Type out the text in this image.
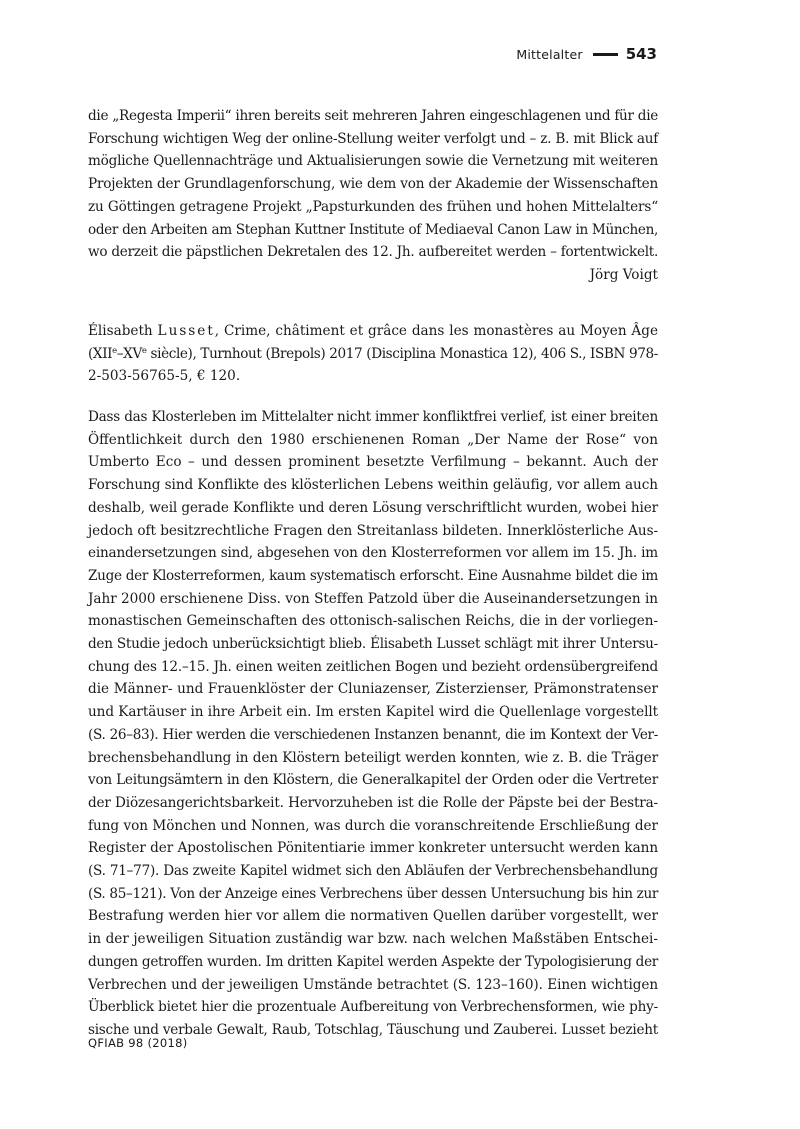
Mittelalter	543

die „Regesta Imperii“ ihren bereits seit mehreren Jahren eingeschlagenen und für die
Forschung wichtigen Weg der online-Stellung weiter verfolgt und – z. B. mit Blick auf
mögliche Quellennachträge und Aktualisierungen sowie die Vernetzung mit weiteren
Projekten der Grundlagenforschung, wie dem von der Akademie der Wissenschaften
zu Göttingen getragene Projekt „Papsturkunden des frühen und hohen Mittelalters“
oder den Arbeiten am Stephan Kuttner Institute of Mediaeval Canon Law in München,
wo derzeit die päpstlichen Dekretalen des 12. Jh. aufbereitet werden – fortentwickelt.
Jörg Voigt

Élisabeth Lusset, Crime, châtiment et grâce dans les monastères au Moyen Âge
(XIIe–XVe siècle), Turnhout (Brepols) 2017 (Disciplina Monastica 12), 406 S., ISBN 978-
2-503-56765-5, € 120.

Dass das Klosterleben im Mittelalter nicht immer konfliktfrei verlief, ist einer breiten
Öffentlichkeit durch den 1980 erschienenen Roman „Der Name der Rose“ von
Umberto Eco – und dessen prominent besetzte Verfilmung – bekannt. Auch der
Forschung sind Konflikte des klösterlichen Lebens weithin geläufig, vor allem auch
deshalb, weil gerade Konflikte und deren Lösung verschriftlicht wurden, wobei hier
jedoch oft besitzrechtliche Fragen den Streitanlass bildeten. Innerklösterliche Aus-
einandersetzungen sind, abgesehen von den Klosterreformen vor allem im 15. Jh. im
Zuge der Klosterreformen, kaum systematisch erforscht. Eine Ausnahme bildet die im
Jahr 2000 erschienene Diss. von Steffen Patzold über die Auseinandersetzungen in
monastischen Gemeinschaften des ottonisch-salischen Reichs, die in der vorliegen-
den Studie jedoch unberücksichtigt blieb. Élisabeth Lusset schlägt mit ihrer Untersu-
chung des 12.–15. Jh. einen weiten zeitlichen Bogen und bezieht ordensübergreifend
die Männer- und Frauenklöster der Cluniazenser, Zisterzienser, Prämonstratenser
und Kartäuser in ihre Arbeit ein. Im ersten Kapitel wird die Quellenlage vorgestellt
(S. 26–83). Hier werden die verschiedenen Instanzen benannt, die im Kontext der Ver-
brechensbehandlung in den Klöstern beteiligt werden konnten, wie z. B. die Träger
von Leitungsämtern in den Klöstern, die Generalkapitel der Orden oder die Vertreter
der Diözesangerichtsbarkeit. Hervorzuheben ist die Rolle der Päpste bei der Bestra-
fung von Mönchen und Nonnen, was durch die voranschreitende Erschließung der
Register der Apostolischen Pönitentiarie immer konkreter untersucht werden kann
(S. 71–77). Das zweite Kapitel widmet sich den Abläufen der Verbrechensbehandlung
(S. 85–121). Von der Anzeige eines Verbrechens über dessen Untersuchung bis hin zur
Bestrafung werden hier vor allem die normativen Quellen darüber vorgestellt, wer
in der jeweiligen Situation zuständig war bzw. nach welchen Maßstäben Entschei-
dungen getroffen wurden. Im dritten Kapitel werden Aspekte der Typologisierung der
Verbrechen und der jeweiligen Umstände betrachtet (S. 123–160). Einen wichtigen
Überblick bietet hier die prozentuale Aufbereitung von Verbrechensformen, wie phy-
sische und verbale Gewalt, Raub, Totschlag, Täuschung und Zauberei. Lusset bezieht

QFIAB 98 (2018)
